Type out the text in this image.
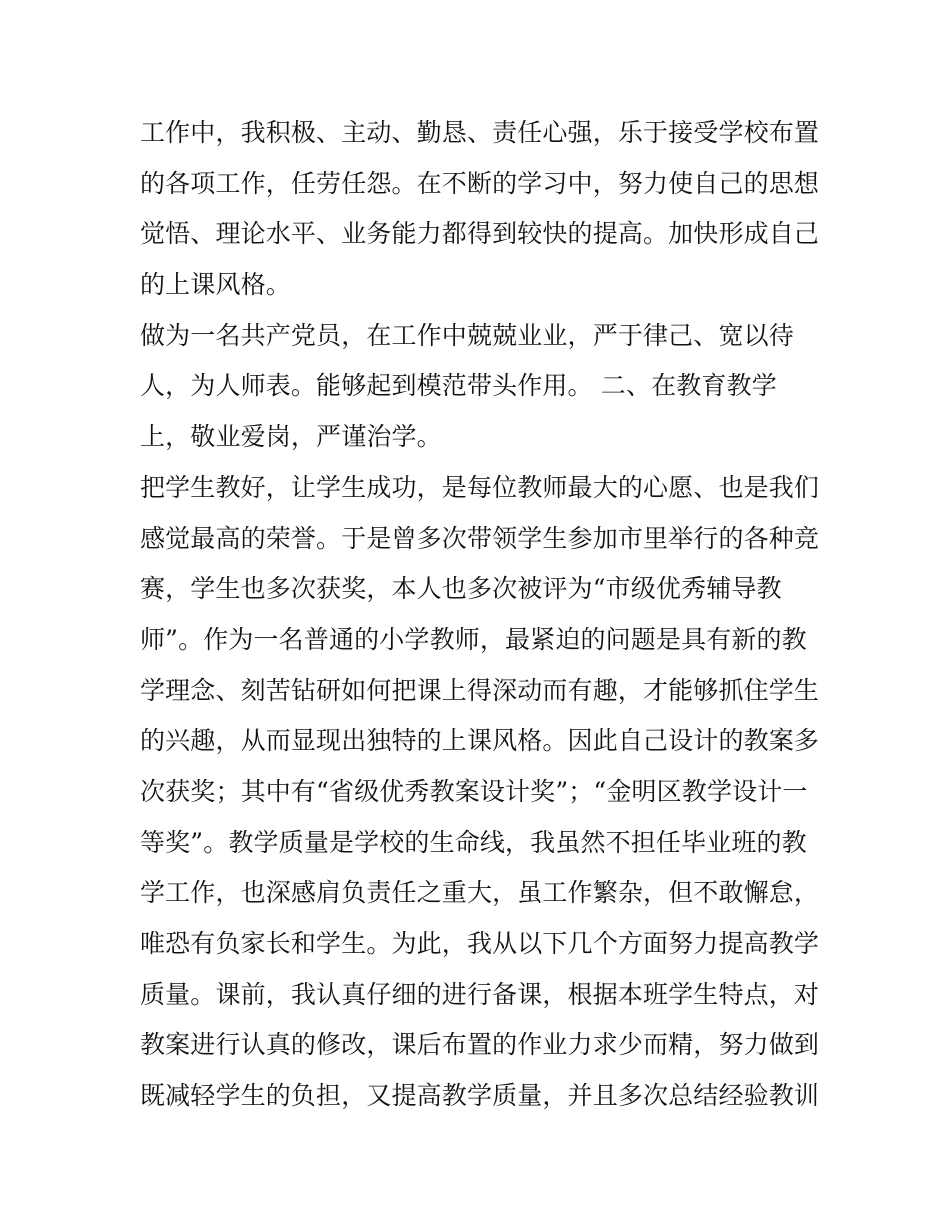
工作中，我积极、主动、勤恳、责任心强，乐于接受学校布置
的各项工作，任劳任怨。在不断的学习中，努力使自己的思想
觉悟、理论水平、业务能力都得到较快的提高。加快形成自己
的上课风格。
做为一名共产党员，在工作中兢兢业业，严于律己、宽以待
人，为人师表。能够起到模范带头作用。 二、在教育教学
上，敬业爱岗，严谨治学。
把学生教好，让学生成功，是每位教师最大的心愿、也是我们
感觉最高的荣誉。于是曾多次带领学生参加市里举行的各种竞
赛，学生也多次获奖，本人也多次被评为“市级优秀辅导教
师”。作为一名普通的小学教师，最紧迫的问题是具有新的教
学理念、刻苦钻研如何把课上得深动而有趣，才能够抓住学生
的兴趣，从而显现出独特的上课风格。因此自己设计的教案多
次获奖；其中有“省级优秀教案设计奖”；“金明区教学设计一
等奖”。教学质量是学校的生命线，我虽然不担任毕业班的教
学工作，也深感肩负责任之重大，虽工作繁杂，但不敢懈怠，
唯恐有负家长和学生。为此，我从以下几个方面努力提高教学
质量。课前，我认真仔细的进行备课，根据本班学生特点，对
教案进行认真的修改，课后布置的作业力求少而精，努力做到
既减轻学生的负担，又提高教学质量，并且多次总结经验教训
